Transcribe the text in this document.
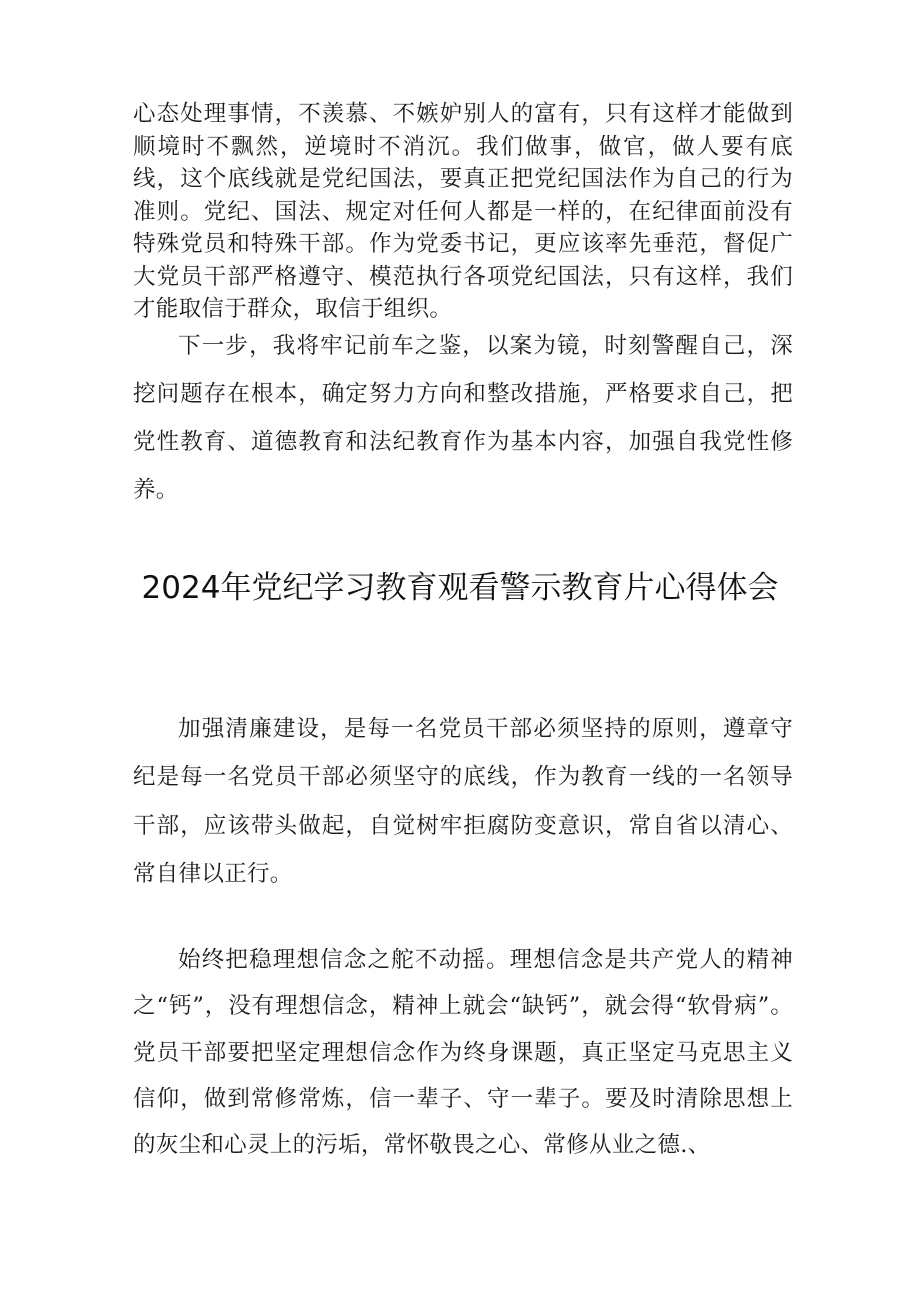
心态处理事情，不羡慕、不嫉妒别人的富有，只有这样才能做到顺境时不飘然，逆境时不消沉。我们做事，做官，做人要有底线，这个底线就是党纪国法，要真正把党纪国法作为自己的行为准则。党纪、国法、规定对任何人都是一样的，在纪律面前没有特殊党员和特殊干部。作为党委书记，更应该率先垂范，督促广大党员干部严格遵守、模范执行各项党纪国法，只有这样，我们才能取信于群众，取信于组织。

下一步，我将牢记前车之鉴，以案为镜，时刻警醒自己，深挖问题存在根本，确定努力方向和整改措施，严格要求自己，把党性教育、道德教育和法纪教育作为基本内容，加强自我党性修养。

2024年党纪学习教育观看警示教育片心得体会

加强清廉建设，是每一名党员干部必须坚持的原则，遵章守纪是每一名党员干部必须坚守的底线，作为教育一线的一名领导干部，应该带头做起，自觉树牢拒腐防变意识，常自省以清心、常自律以正行。

始终把稳理想信念之舵不动摇。理想信念是共产党人的精神之“钙”，没有理想信念，精神上就会“缺钙”，就会得“软骨病”。党员干部要把坚定理想信念作为终身课题，真正坚定马克思主义信仰，做到常修常炼，信一辈子、守一辈子。要及时清除思想上的灰尘和心灵上的污垢，常怀敬畏之心、常修从业之德.、
